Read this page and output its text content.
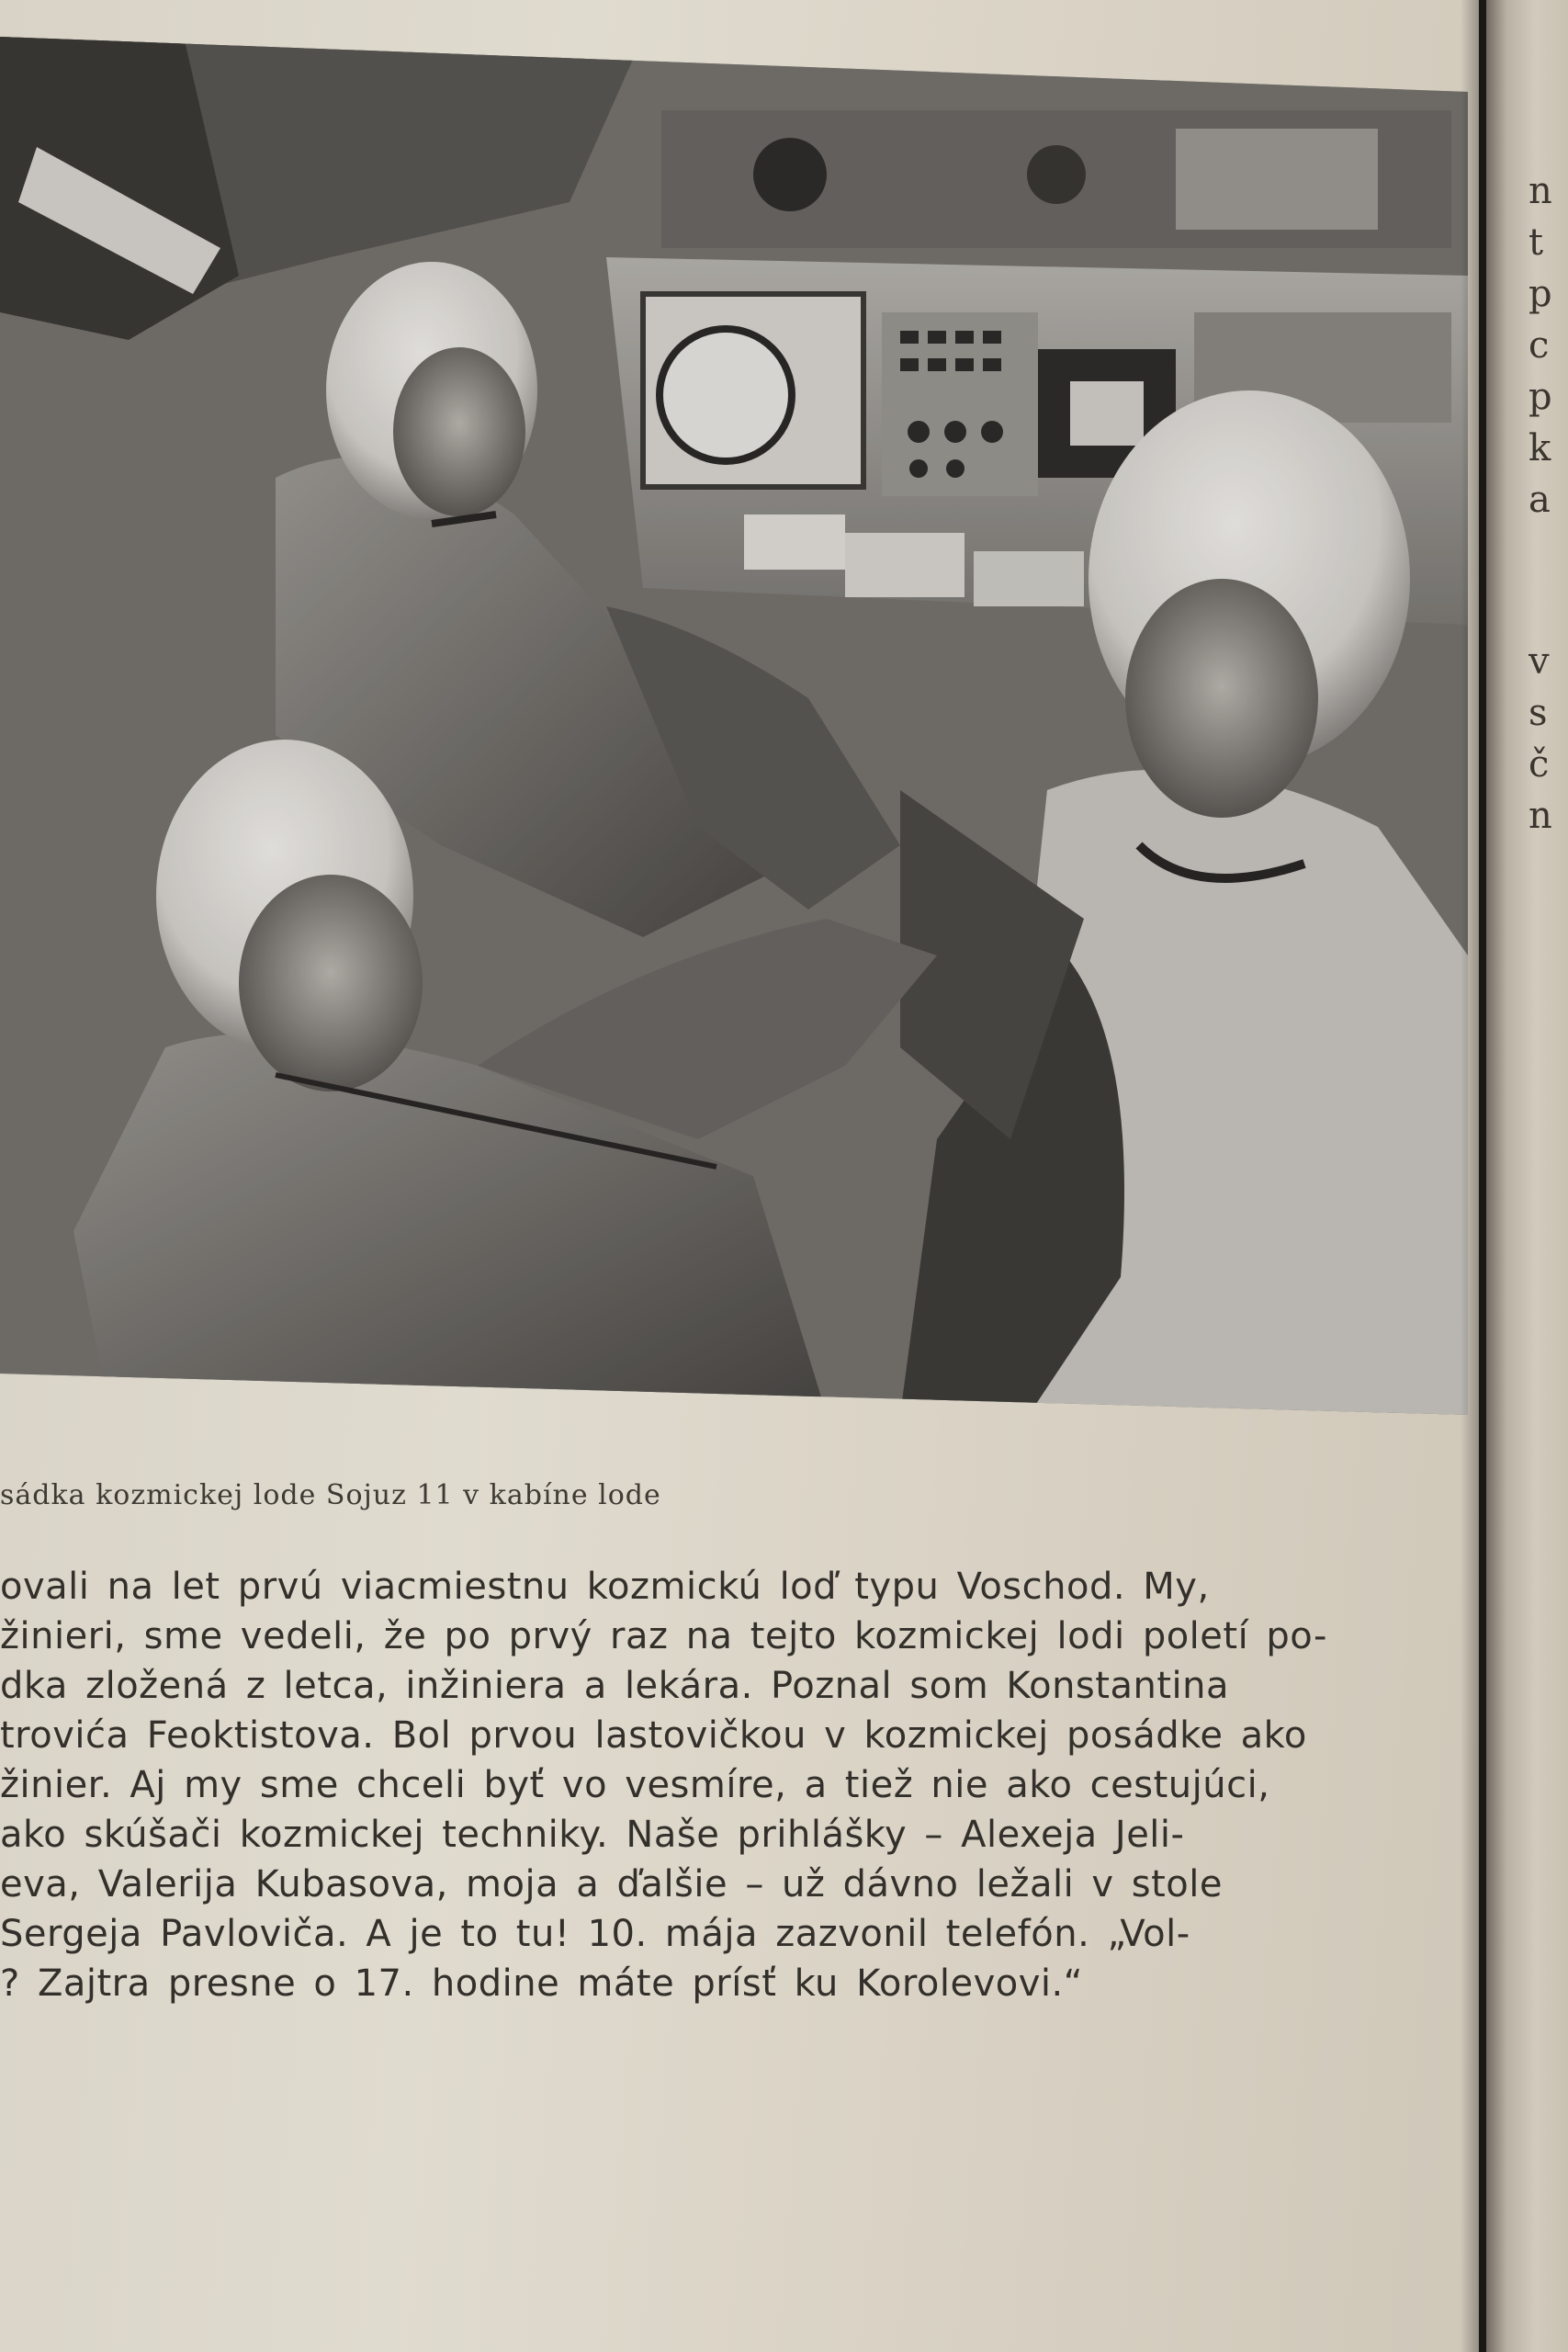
sádka kozmickej lode Sojuz 11 v kabíne lode
ovali na let prvú viacmiestnu kozmickú loď typu Voschod. My,
žinieri, sme vedeli, že po prvý raz na tejto kozmickej lodi poletí po-
dka zložená z letca, inžiniera a lekára. Poznal som Konstantina
trovića Feoktistova. Bol prvou lastovičkou v kozmickej posádke ako
žinier. Aj my sme chceli byť vo vesmíre, a tiež nie ako cestujúci,
ako skúšači kozmickej techniky. Naše prihlášky – Alexeja Jeli-
eva, Valerija Kubasova, moja a ďalšie – už dávno ležali v stole
Sergeja Pavloviča. A je to tu! 10. mája zazvonil telefón. „Vol-
? Zajtra presne o 17. hodine máte prísť ku Korolevovi.“
n
t
p
c
p
k
a
v
s
č
n
